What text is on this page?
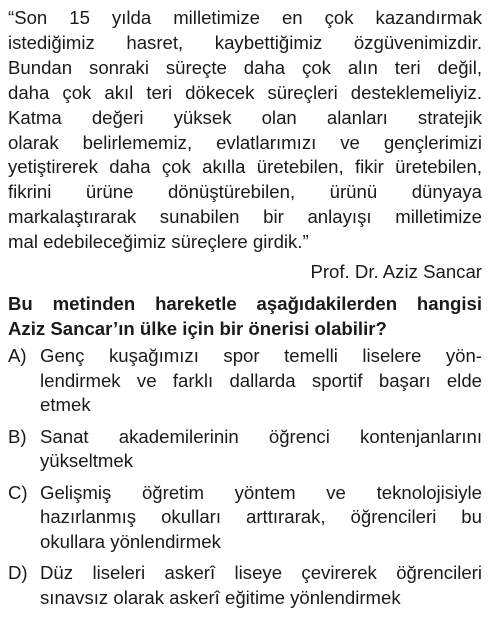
“Son 15 yılda milletimize en çok kazandırmak
istediğimiz hasret, kaybettiğimiz özgüvenimizdir.
Bundan sonraki süreçte daha çok alın teri değil,
daha çok akıl teri dökecek süreçleri desteklemeliyiz.
Katma değeri yüksek olan alanları stratejik
olarak belirlememiz, evlatlarımızı ve gençlerimizi
yetiştirerek daha çok akılla üretebilen, fikir üretebilen,
fikrini ürüne dönüştürebilen, ürünü dünyaya
markalaştırarak sunabilen bir anlayışı milletimize
mal edebileceğimiz süreçlere girdik.”
Prof. Dr. Aziz Sancar
Bu metinden hareketle aşağıdakilerden hangisi
Aziz Sancar’ın ülke için bir önerisi olabilir?
A) Genç kuşağımızı spor temelli liselere yön-
lendirmek ve farklı dallarda sportif başarı elde
etmek
B) Sanat akademilerinin öğrenci kontenjanlarını
yükseltmek
C) Gelişmiş öğretim yöntem ve teknolojisiyle
hazırlanmış okulları arttırarak, öğrencileri bu
okullara yönlendirmek
D) Düz liseleri askerî liseye çevirerek öğrencileri
sınavsız olarak askerî eğitime yönlendirmek
